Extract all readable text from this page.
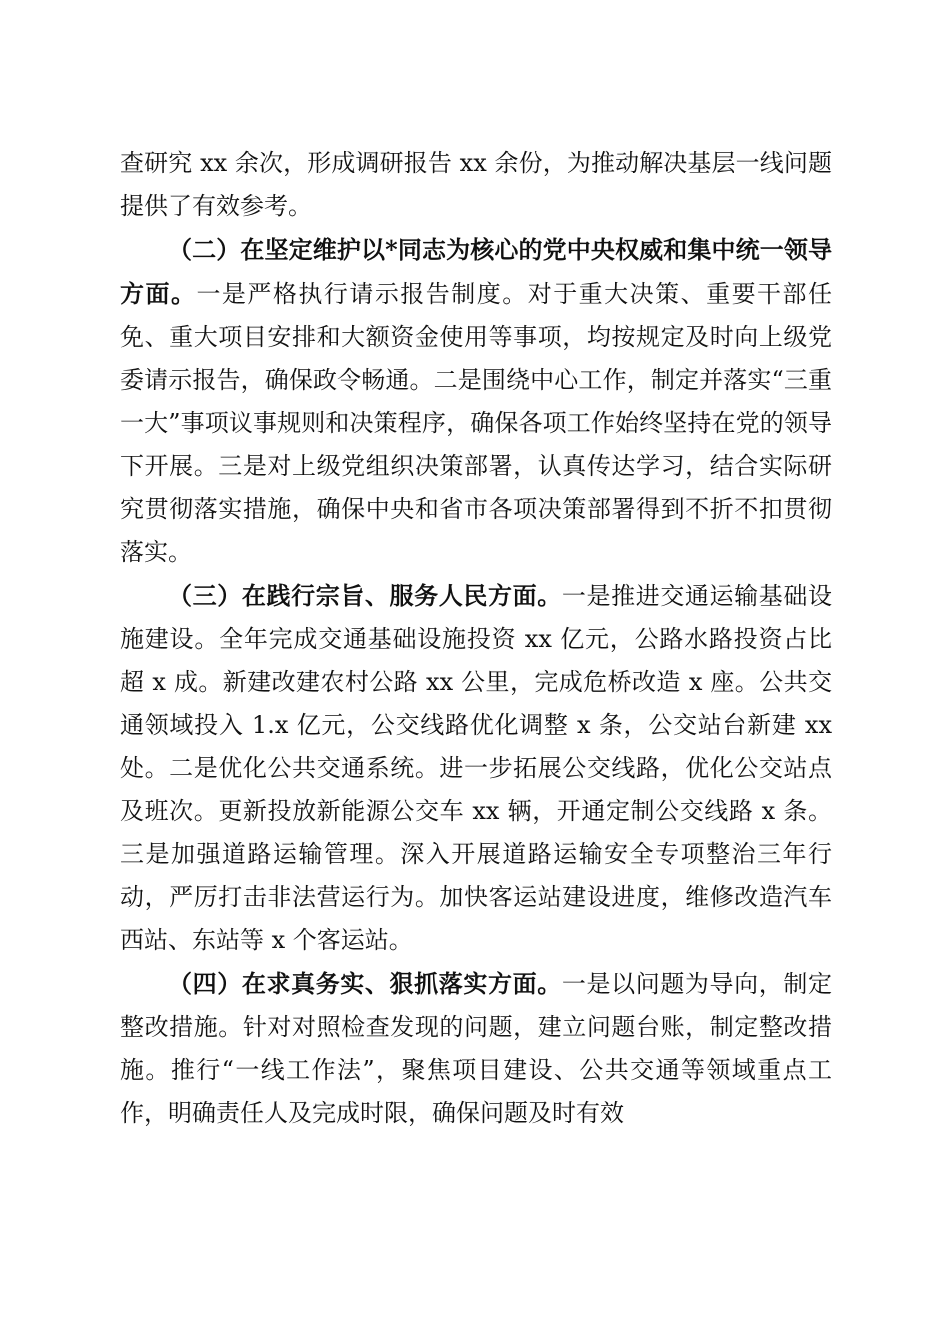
查研究 xx 余次，形成调研报告 xx 余份，为推动解决基层一线问题提供了有效参考。

（二）在坚定维护以*同志为核心的党中央权威和集中统一领导方面。一是严格执行请示报告制度。对于重大决策、重要干部任免、重大项目安排和大额资金使用等事项，均按规定及时向上级党委请示报告，确保政令畅通。二是围绕中心工作，制定并落实“三重一大”事项议事规则和决策程序，确保各项工作始终坚持在党的领导下开展。三是对上级党组织决策部署，认真传达学习，结合实际研究贯彻落实措施，确保中央和省市各项决策部署得到不折不扣贯彻落实。

（三）在践行宗旨、服务人民方面。一是推进交通运输基础设施建设。全年完成交通基础设施投资 xx 亿元，公路水路投资占比超 x 成。新建改建农村公路 xx 公里，完成危桥改造 x 座。公共交通领域投入 1.x 亿元，公交线路优化调整 x 条，公交站台新建 xx 处。二是优化公共交通系统。进一步拓展公交线路，优化公交站点及班次。更新投放新能源公交车 xx 辆，开通定制公交线路 x 条。三是加强道路运输管理。深入开展道路运输安全专项整治三年行动，严厉打击非法营运行为。加快客运站建设进度，维修改造汽车西站、东站等 x 个客运站。

（四）在求真务实、狠抓落实方面。一是以问题为导向，制定整改措施。针对对照检查发现的问题，建立问题台账，制定整改措施。推行“一线工作法”，聚焦项目建设、公共交通等领域重点工作，明确责任人及完成时限，确保问题及时有效
